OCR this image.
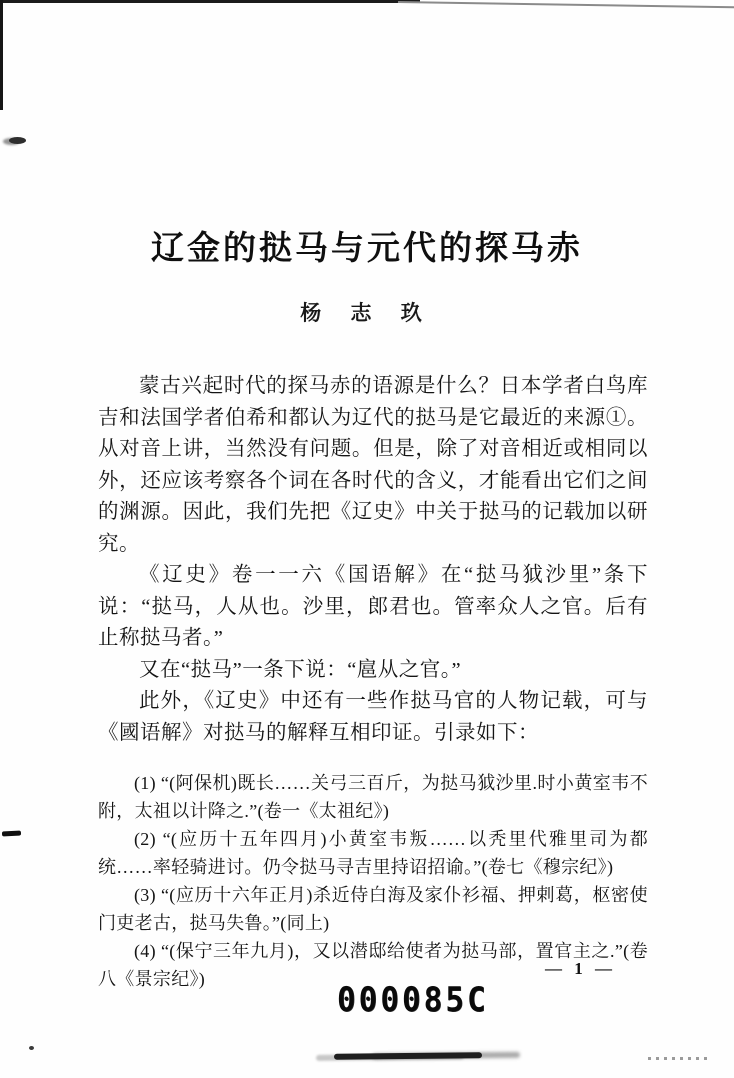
辽金的挞马与元代的探马赤
杨 志 玖

蒙古兴起时代的探马赤的语源是什么？日本学者白鸟库吉和法国学者伯希和都认为辽代的挞马是它最近的来源①。从对音上讲，当然没有问题。但是，除了对音相近或相同以外，还应该考察各个词在各时代的含义，才能看出它们之间的渊源。因此，我们先把《辽史》中关于挞马的记载加以研究。

《辽史》卷一一六《国语解》在“挞马狘沙里”条下说：“挞马，人从也。沙里，郎君也。管率众人之官。后有止称挞马者。”

又在“挞马”一条下说：“扈从之官。”

此外，《辽史》中还有一些作挞马官的人物记载，可与《國语解》对挞马的解释互相印证。引录如下：

(1) “(阿保机)既长……关弓三百斤，为挞马狘沙里.时小黄室韦不附，太祖以计降之.”(卷一《太祖纪》)

(2) “(应历十五年四月)小黄室韦叛……以秃里代雅里司为都统……率轻骑进讨。仍令挞马寻吉里持诏招谕。”(卷七《穆宗纪》)

(3) “(应历十六年正月)杀近侍白海及家仆衫福、押剌葛，枢密使门吏老古，挞马失鲁。”(同上)

(4) “(保宁三年九月)，又以潜邸给使者为挞马部，置官主之.”(卷八《景宗纪》)

— 1 —
000085C
